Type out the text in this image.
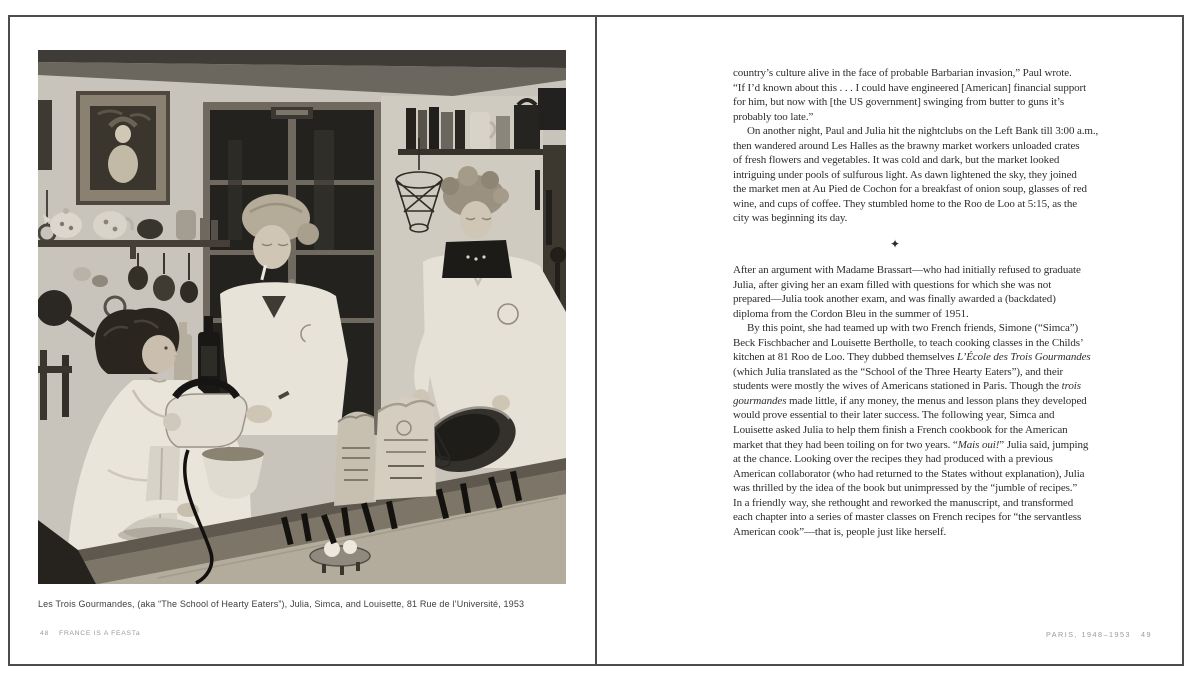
Les Trois Gourmandes, (aka “The School of Hearty Eaters”), Julia, Simca, and Louisette, 81 Rue de l’Université, 1953
48 FRANCE IS A FEASTa
country’s culture alive in the face of probable Barbarian invasion,” Paul wrote.
“If I’d known about this . . . I could have engineered [American] financial support
for him, but now with [the US government] swinging from butter to guns it’s
probably too late.”
On another night, Paul and Julia hit the nightclubs on the Left Bank till 3:00 a.m.,
then wandered around Les Halles as the brawny market workers unloaded crates
of fresh flowers and vegetables. It was cold and dark, but the market looked
intriguing under pools of sulfurous light. As dawn lightened the sky, they joined
the market men at Au Pied de Cochon for a breakfast of onion soup, glasses of red
wine, and cups of coffee. They stumbled home to the Roo de Loo at 5:15, as the
city was beginning its day.
✦
After an argument with Madame Brassart—who had initially refused to graduate
Julia, after giving her an exam filled with questions for which she was not
prepared—Julia took another exam, and was finally awarded a (backdated)
diploma from the Cordon Bleu in the summer of 1951.
By this point, she had teamed up with two French friends, Simone (“Simca”)
Beck Fischbacher and Louisette Bertholle, to teach cooking classes in the Childs’
kitchen at 81 Roo de Loo. They dubbed themselves L’École des Trois Gourmandes
(which Julia translated as the “School of the Three Hearty Eaters”), and their
students were mostly the wives of Americans stationed in Paris. Though the trois
gourmandes made little, if any money, the menus and lesson plans they developed
would prove essential to their later success. The following year, Simca and
Louisette asked Julia to help them finish a French cookbook for the American
market that they had been toiling on for two years. “Mais oui!” Julia said, jumping
at the chance. Looking over the recipes they had produced with a previous
American collaborator (who had returned to the States without explanation), Julia
was thrilled by the idea of the book but unimpressed by the “jumble of recipes.”
In a friendly way, she rethought and reworked the manuscript, and transformed
each chapter into a series of master classes on French recipes for “the servantless
American cook”—that is, people just like herself.
PARIS, 1948–1953 49
